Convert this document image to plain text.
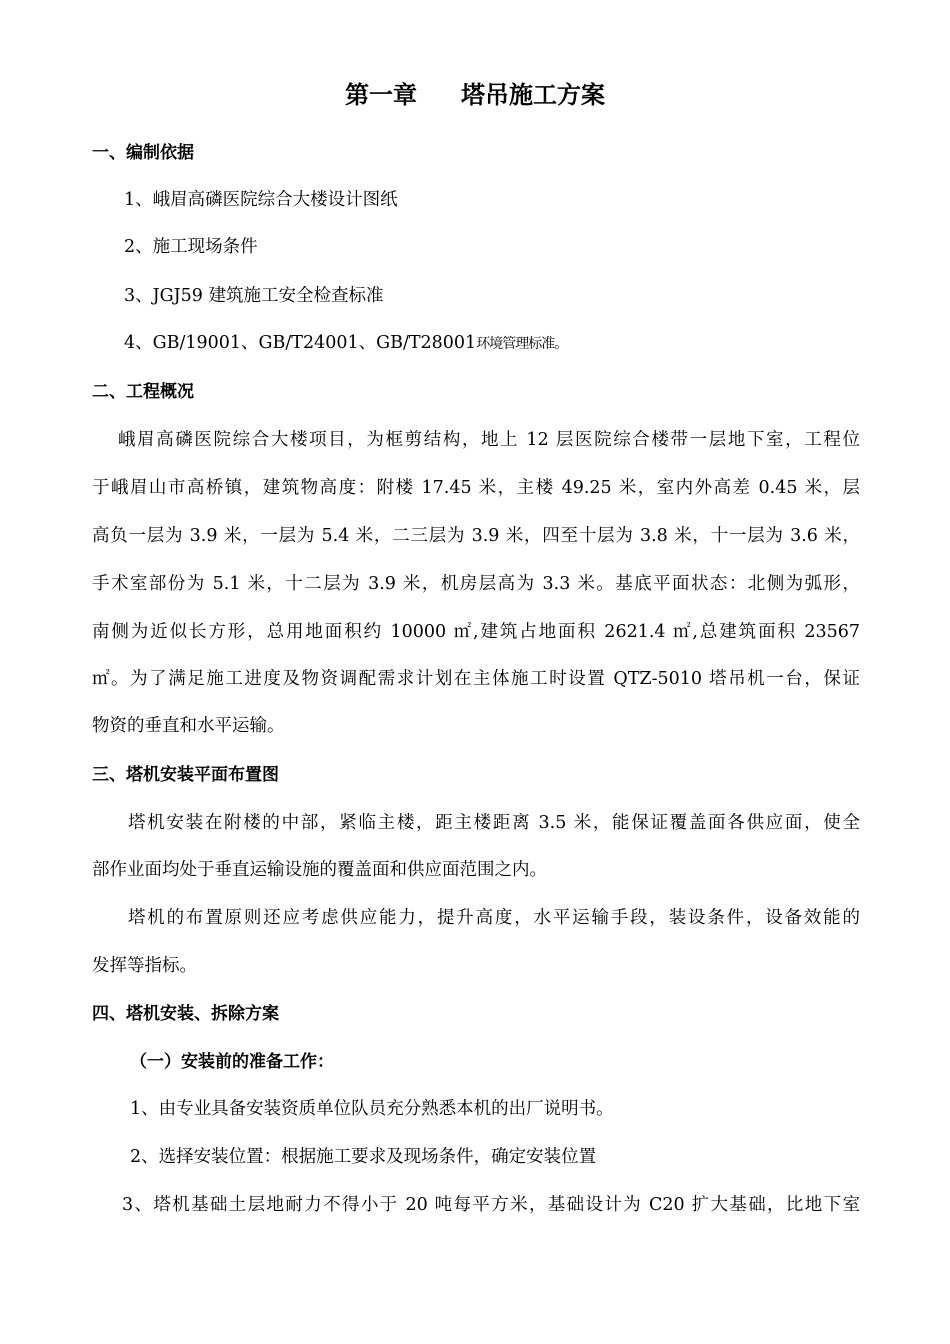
第一章 塔吊施工方案
一、编制依据
1、峨眉高磷医院综合大楼设计图纸
2、施工现场条件
3、JGJ59 建筑施工安全检查标准
4、GB/19001、GB/T24001、GB/T28001环境管理标准。
二、工程概况
峨眉高磷医院综合大楼项目，为框剪结构，地上 12 层医院综合楼带一层地下室，工程位
于峨眉山市高桥镇，建筑物高度：附楼 17.45 米，主楼 49.25 米，室内外高差 0.45 米，层
高负一层为 3.9 米，一层为 5.4 米，二三层为 3.9 米，四至十层为 3.8 米，十一层为 3.6 米，
手术室部份为 5.1 米，十二层为 3.9 米，机房层高为 3.3 米。基底平面状态：北侧为弧形，
南侧为近似长方形，总用地面积约 10000 ㎡,建筑占地面积 2621.4 ㎡,总建筑面积 23567
㎡。为了满足施工进度及物资调配需求计划在主体施工时设置 QTZ-5010 塔吊机一台，保证
物资的垂直和水平运输。
三、塔机安装平面布置图
塔机安装在附楼的中部，紧临主楼，距主楼距离 3.5 米，能保证覆盖面各供应面，使全
部作业面均处于垂直运输设施的覆盖面和供应面范围之内。
塔机的布置原则还应考虑供应能力，提升高度，水平运输手段，装设条件，设备效能的
发挥等指标。
四、塔机安装、拆除方案
（一）安装前的准备工作：
1、由专业具备安装资质单位队员充分熟悉本机的出厂说明书。
2、选择安装位置：根据施工要求及现场条件，确定安装位置
3、塔机基础土层地耐力不得小于 20 吨每平方米，基础设计为 C20 扩大基础，比地下室
